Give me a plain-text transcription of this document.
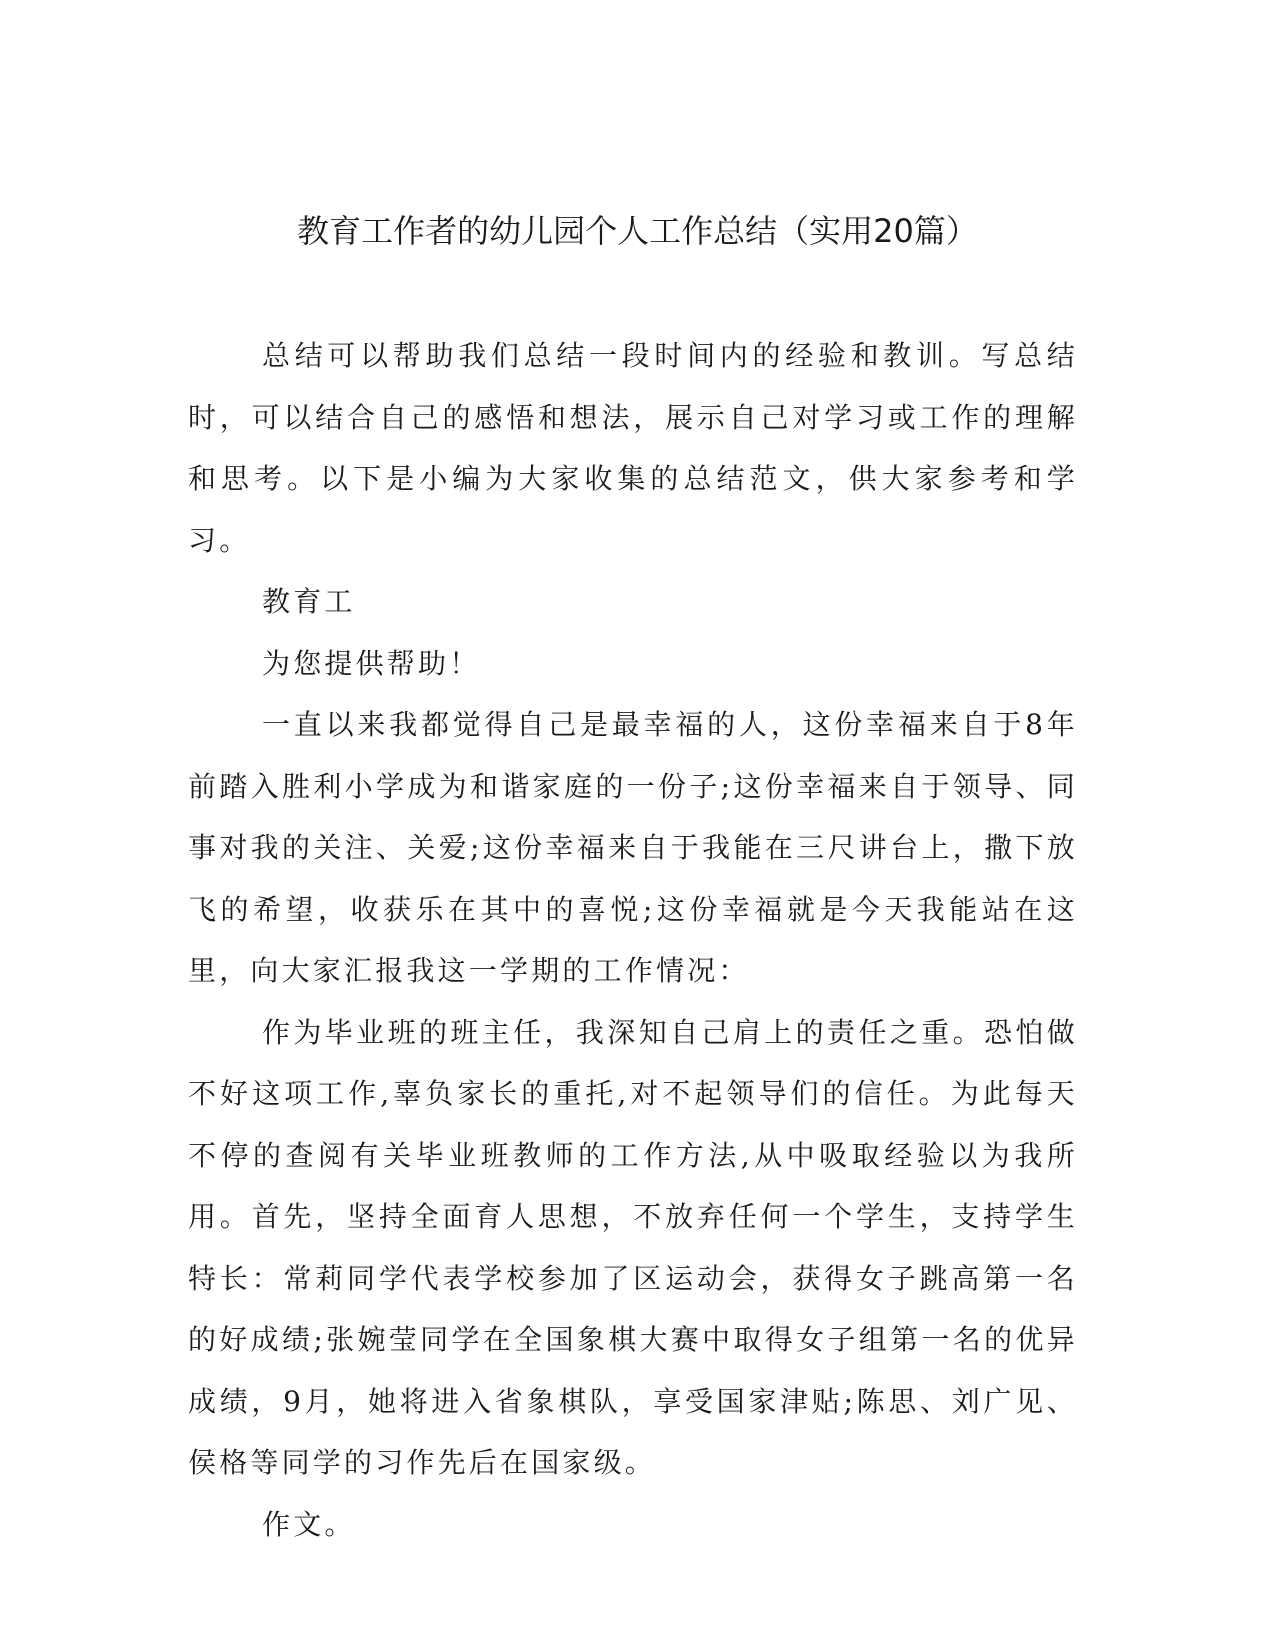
教育工作者的幼儿园个人工作总结（实用20篇）

总结可以帮助我们总结一段时间内的经验和教训。写总结时，可以结合自己的感悟和想法，展示自己对学习或工作的理解和思考。以下是小编为大家收集的总结范文，供大家参考和学习。

教育工

为您提供帮助！

一直以来我都觉得自己是最幸福的人，这份幸福来自于8年前踏入胜利小学成为和谐家庭的一份子;这份幸福来自于领导、同事对我的关注、关爱;这份幸福来自于我能在三尺讲台上，撒下放飞的希望，收获乐在其中的喜悦;这份幸福就是今天我能站在这里，向大家汇报我这一学期的工作情况：

作为毕业班的班主任，我深知自己肩上的责任之重。恐怕做不好这项工作,辜负家长的重托,对不起领导们的信任。为此每天不停的查阅有关毕业班教师的工作方法,从中吸取经验以为我所用。首先，坚持全面育人思想，不放弃任何一个学生，支持学生特长：常莉同学代表学校参加了区运动会，获得女子跳高第一名的好成绩;张婉莹同学在全国象棋大赛中取得女子组第一名的优异成绩，9月，她将进入省象棋队，享受国家津贴;陈思、刘广见、侯格等同学的习作先后在国家级。

作文。
